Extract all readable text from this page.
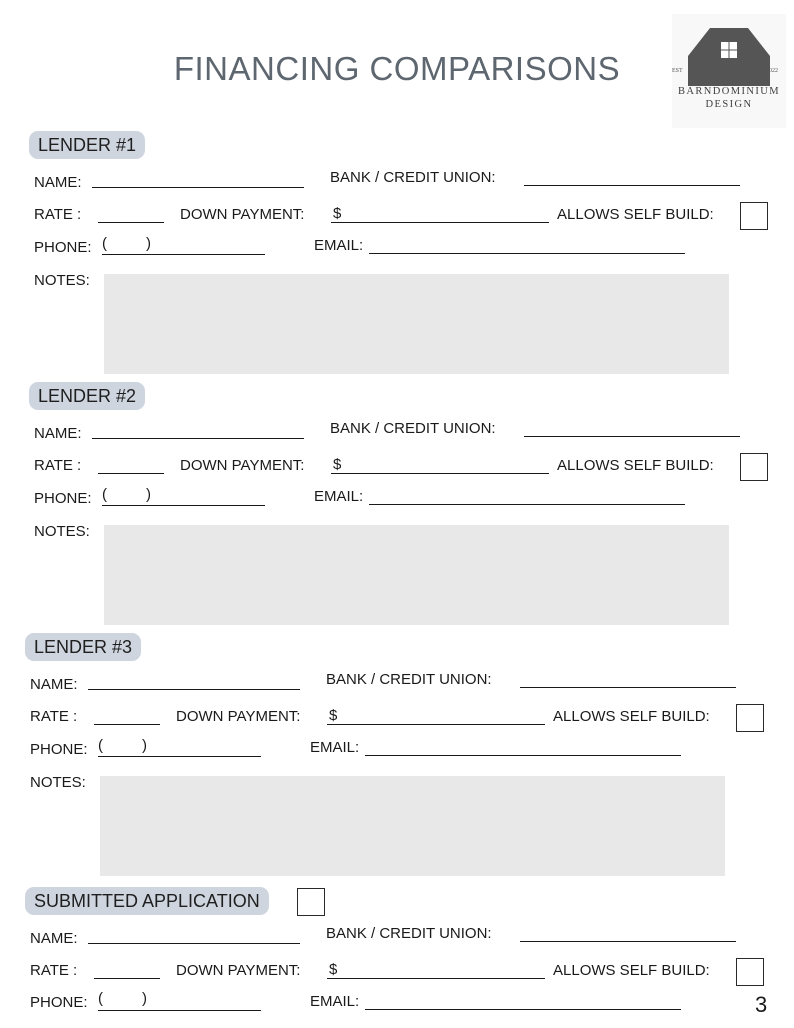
FINANCING COMPARISONS	EST	2022
BARNDOMINIUM
DESIGN
LENDER #1
NAME:	BANK / CREDIT UNION:
RATE :	DOWN PAYMENT: $	ALLOWS SELF BUILD:
PHONE: (	)	EMAIL:
NOTES:
LENDER #2
NAME:	BANK / CREDIT UNION:
RATE :	DOWN PAYMENT: $	ALLOWS SELF BUILD:
PHONE: (	)	EMAIL:
NOTES:
LENDER #3
NAME:	BANK / CREDIT UNION:
RATE :	DOWN PAYMENT: $	ALLOWS SELF BUILD:
PHONE: (	)	EMAIL:
NOTES:
SUBMITTED APPLICATION
NAME:	BANK / CREDIT UNION:
RATE :	DOWN PAYMENT: $	ALLOWS SELF BUILD:
PHONE: (	)	EMAIL:	3
